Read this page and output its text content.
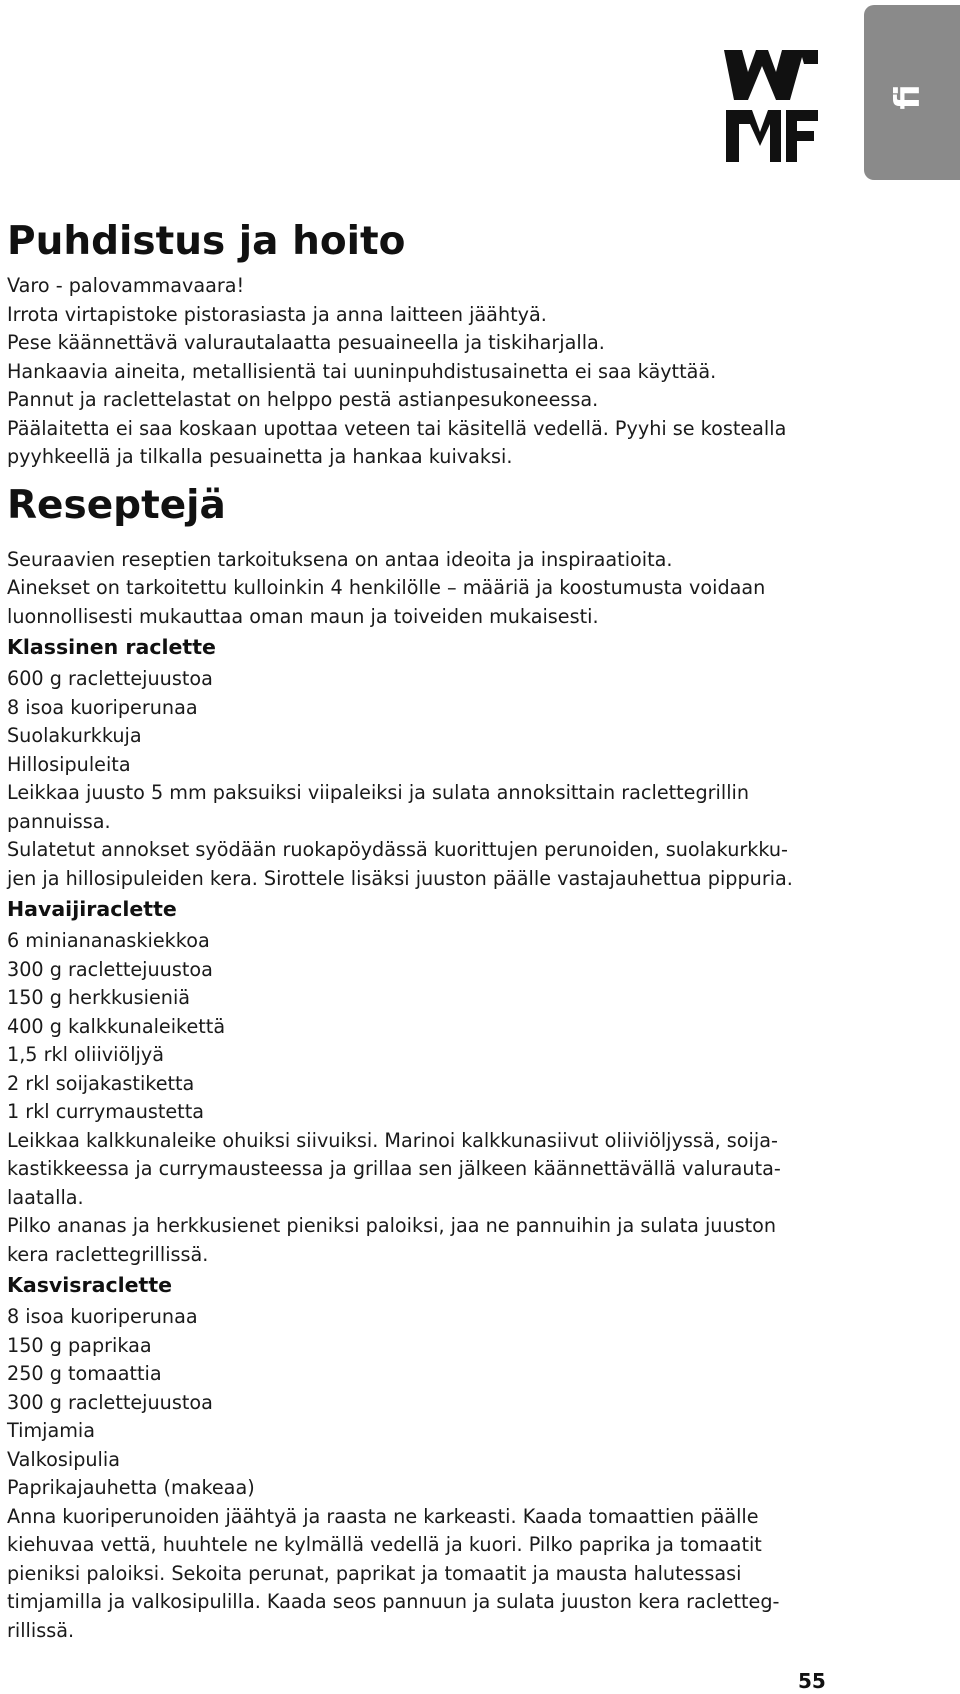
fi
Puhdistus ja hoito

Varo - palovammavaara!

Irrota virtapistoke pistorasiasta ja anna laitteen jäähtyä.

Pese käännettävä valurautalaatta pesuaineella ja tiskiharjalla.

Hankaavia aineita, metallisientä tai uuninpuhdistusainetta ei saa käyttää.

Pannut ja raclettelastat on helppo pestä astianpesukoneessa.

Päälaitetta ei saa koskaan upottaa veteen tai käsitellä vedellä. Pyyhi se kostealla

pyyhkeellä ja tilkalla pesuainetta ja hankaa kuivaksi.

Reseptejä

Seuraavien reseptien tarkoituksena on antaa ideoita ja inspiraatioita.

Ainekset on tarkoitettu kulloinkin 4 henkilölle – määriä ja koostumusta voidaan

luonnollisesti mukauttaa oman maun ja toiveiden mukaisesti.

Klassinen raclette

600 g raclettejuustoa

8 isoa kuoriperunaa

Suolakurkkuja

Hillosipuleita

Leikkaa juusto 5 mm paksuiksi viipaleiksi ja sulata annoksittain raclettegrillin

pannuissa.

Sulatetut annokset syödään ruokapöydässä kuorittujen perunoiden, suolakurkku-

jen ja hillosipuleiden kera. Sirottele lisäksi juuston päälle vastajauhettua pippuria.

Havaijiraclette

6 miniananaskiekkoa

300 g raclettejuustoa

150 g herkkusieniä

400 g kalkkunaleikettä

1,5 rkl oliiviöljyä

2 rkl soijakastiketta

1 rkl currymaustetta

Leikkaa kalkkunaleike ohuiksi siivuiksi. Marinoi kalkkunasiivut oliiviöljyssä, soija-

kastikkeessa ja currymausteessa ja grillaa sen jälkeen käännettävällä valurauta-

laatalla.

Pilko ananas ja herkkusienet pieniksi paloiksi, jaa ne pannuihin ja sulata juuston

kera raclettegrillissä.

Kasvisraclette

8 isoa kuoriperunaa

150 g paprikaa

250 g tomaattia

300 g raclettejuustoa

Timjamia

Valkosipulia

Paprikajauhetta (makeaa)

Anna kuoriperunoiden jäähtyä ja raasta ne karkeasti. Kaada tomaattien päälle

kiehuvaa vettä, huuhtele ne kylmällä vedellä ja kuori. Pilko paprika ja tomaatit

pieniksi paloiksi. Sekoita perunat, paprikat ja tomaatit ja mausta halutessasi

timjamilla ja valkosipulilla. Kaada seos pannuun ja sulata juuston kera racletteg-

rillissä.

55
